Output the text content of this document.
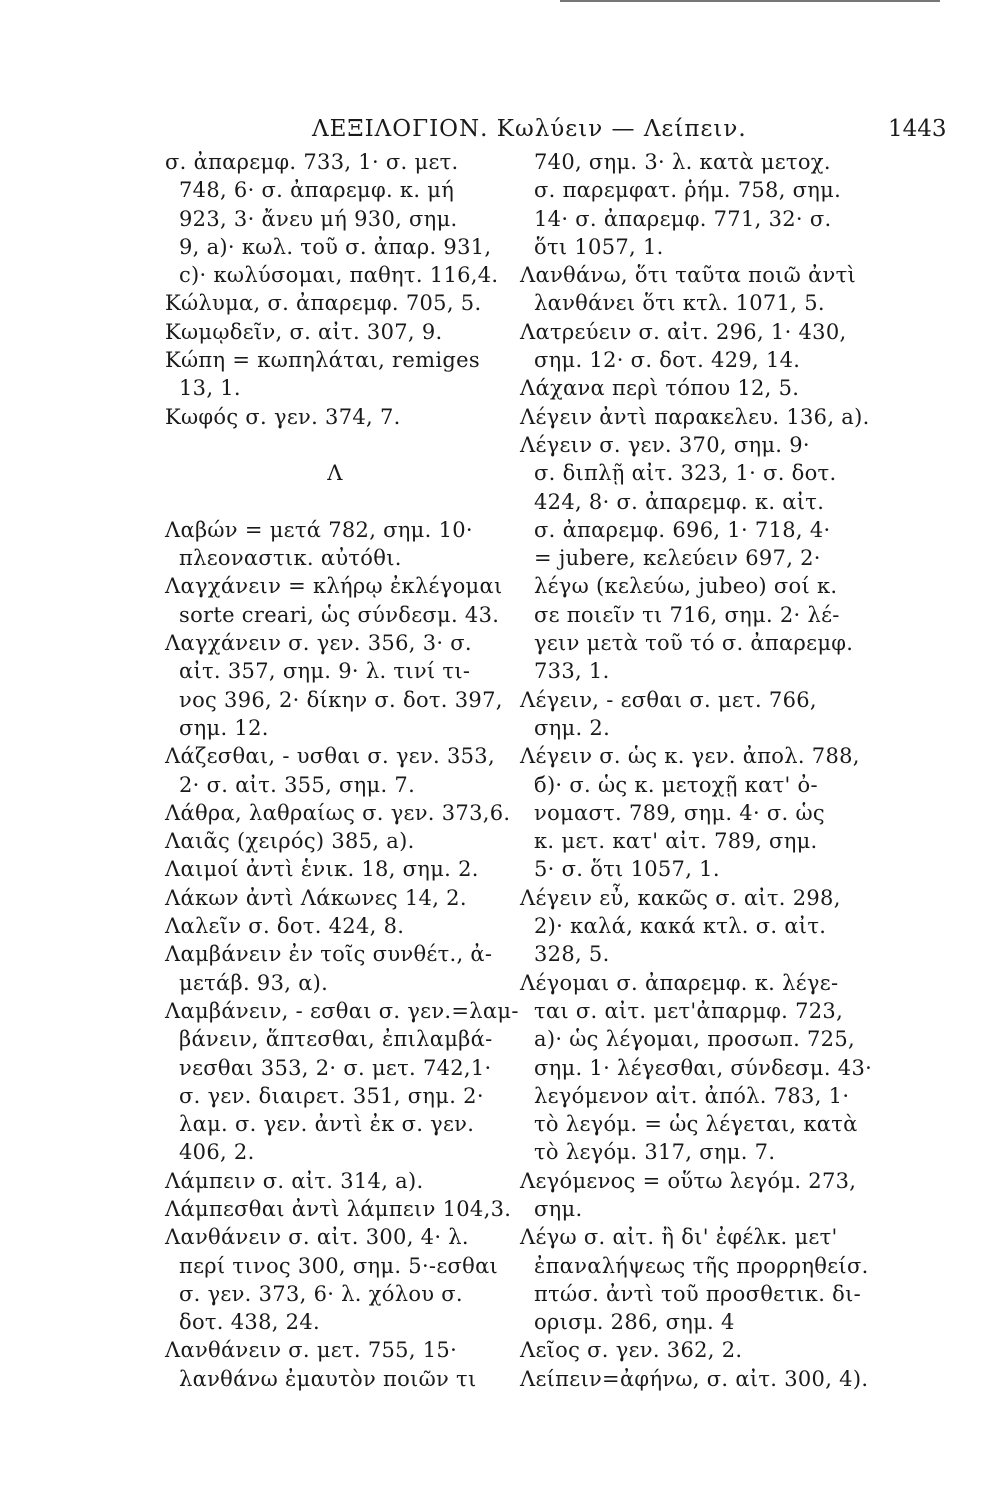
ΛΕΞΙΛΟΓΙΟΝ. Κωλύειν — Λείπειν.	1443
σ. ἀπαρεμφ. 733, 1· σ. μετ.
748, 6· σ. ἀπαρεμφ. κ. μή
923, 3· ἄνευ μή 930, σημ.
9, a)· κωλ. τοῦ σ. ἀπαρ. 931,
c)· κωλύσομαι, παθητ. 116,4.
Κώλυμα, σ. ἀπαρεμφ. 705, 5.
Κωμῳδεῖν, σ. αἰτ. 307, 9.
Κώπη = κωπηλάται, remiges
13, 1.
Κωφός σ. γεν. 374, 7.
Λ
Λαβών = μετά 782, σημ. 10·
πλεοναστικ. αὐτόθι.
Λαγχάνειν = κλήρῳ ἐκλέγομαι
sorte creari, ὡς σύνδεσμ. 43.
Λαγχάνειν σ. γεν. 356, 3· σ.
αἰτ. 357, σημ. 9· λ. τινί τι-
νος 396, 2· δίκην σ. δοτ. 397,
σημ. 12.
Λάζεσθαι, - υσθαι σ. γεν. 353,
2· σ. αἰτ. 355, σημ. 7.
Λάθρα, λαθραίως σ. γεν. 373,6.
Λαιᾶς (χειρός) 385, a).
Λαιμοί ἀντὶ ἑνικ. 18, σημ. 2.
Λάκων ἀντὶ Λάκωνες 14, 2.
Λαλεῖν σ. δοτ. 424, 8.
Λαμβάνειν ἐν τοῖς συνθέτ., ἀ-
μετάβ. 93, α).
Λαμβάνειν, - εσθαι σ. γεν.=λαμ-
βάνειν, ἅπτεσθαι, ἐπιλαμβά-
νεσθαι 353, 2· σ. μετ. 742,1·
σ. γεν. διαιρετ. 351, σημ. 2·
λαμ. σ. γεν. ἀντὶ ἐκ σ. γεν.
406, 2.
Λάμπειν σ. αἰτ. 314, a).
Λάμπεσθαι ἀντὶ λάμπειν 104,3.
Λανθάνειν σ. αἰτ. 300, 4· λ.
περί τινος 300, σημ. 5·-εσθαι
σ. γεν. 373, 6· λ. χόλου σ.
δοτ. 438, 24.
Λανθάνειν σ. μετ. 755, 15·
λανθάνω ἐμαυτὸν ποιῶν τι
740, σημ. 3· λ. κατὰ μετοχ.
σ. παρεμφατ. ῥήμ. 758, σημ.
14· σ. ἀπαρεμφ. 771, 32· σ.
ὅτι 1057, 1.
Λανθάνω, ὅτι ταῦτα ποιῶ ἀντὶ
λανθάνει ὅτι κτλ. 1071, 5.
Λατρεύειν σ. αἰτ. 296, 1· 430,
σημ. 12· σ. δοτ. 429, 14.
Λάχανα περὶ τόπου 12, 5.
Λέγειν ἀντὶ παρακελευ. 136, a).
Λέγειν σ. γεν. 370, σημ. 9·
σ. διπλῇ αἰτ. 323, 1· σ. δοτ.
424, 8· σ. ἀπαρεμφ. κ. αἰτ.
σ. ἀπαρεμφ. 696, 1· 718, 4·
= jubere, κελεύειν 697, 2·
λέγω (κελεύω, jubeo) σοί κ.
σε ποιεῖν τι 716, σημ. 2· λέ-
γειν μετὰ τοῦ τό σ. ἀπαρεμφ.
733, 1.
Λέγειν, - εσθαι σ. μετ. 766,
σημ. 2.
Λέγειν σ. ὡς κ. γεν. ἀπολ. 788,
б)· σ. ὡς κ. μετοχῇ κατ' ὀ-
νομαστ. 789, σημ. 4· σ. ὡς
κ. μετ. κατ' αἰτ. 789, σημ.
5· σ. ὅτι 1057, 1.
Λέγειν εὖ, κακῶς σ. αἰτ. 298,
2)· καλά, κακά κτλ. σ. αἰτ.
328, 5.
Λέγομαι σ. ἀπαρεμφ. κ. λέγε-
ται σ. αἰτ. μετ'ἀπαρμφ. 723,
a)· ὡς λέγομαι, προσωπ. 725,
σημ. 1· λέγεσθαι, σύνδεσμ. 43·
λεγόμενον αἰτ. ἀπόλ. 783, 1·
τὸ λεγόμ. = ὡς λέγεται, κατὰ
τὸ λεγόμ. 317, σημ. 7.
Λεγόμενος = οὕτω λεγόμ. 273,
σημ.
Λέγω σ. αἰτ. ἢ δι' ἐφέλκ. μετ'
ἐπαναλήψεως τῆς προρρηθείσ.
πτώσ. ἀντὶ τοῦ προσθετικ. δι-
ορισμ. 286, σημ. 4
Λεῖος σ. γεν. 362, 2.
Λείπειν=ἀφήνω, σ. αἰτ. 300, 4).
